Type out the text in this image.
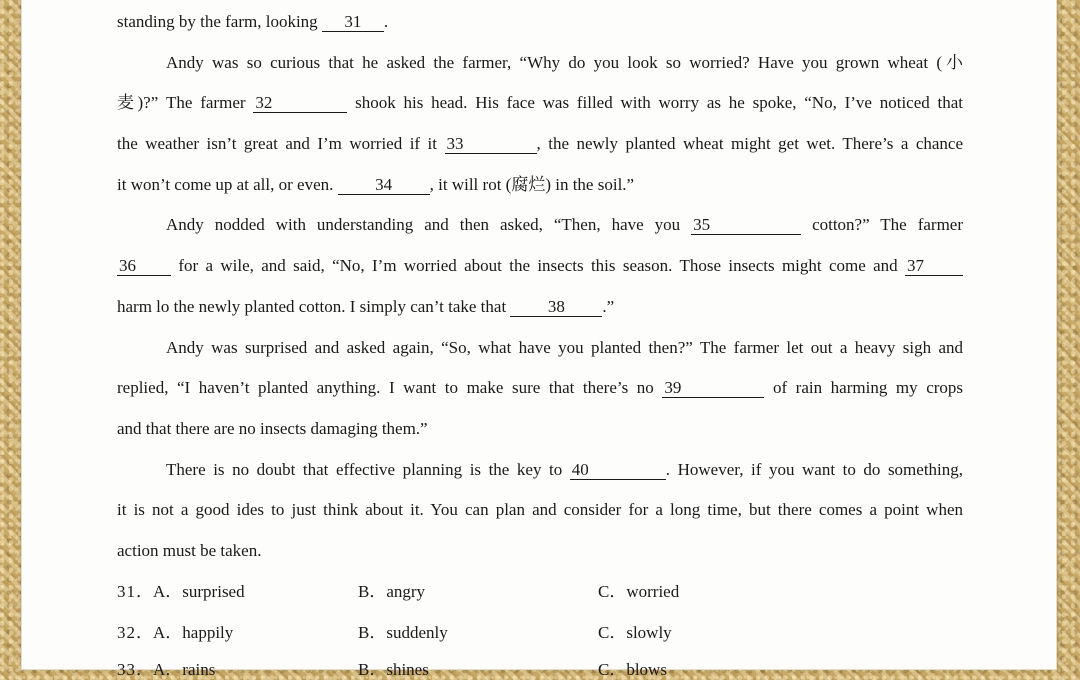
standing by the farm, looking 31 .
Andy was so curious that he asked the farmer, “Why do you look so worried? Have you grown wheat (小
麦)?” The farmer 32	shook his head. His face was filled with worry as he spoke, “No, I’ve noticed that
the weather isn’t great and I’m worried if it 33	, the newly planted wheat might get wet. There’s a chance
it won’t come up at all, or even. 34 , it will rot (腐烂) in the soil.”
Andy nodded with understanding and then asked, “Then, have you 35	cotton?” The farmer
36 for a wile, and said, “No, I’m worried about the insects this season. Those insects might come and 37
harm lo the newly planted cotton. I simply can’t take that 38 .”
Andy was surprised and asked again, “So, what have you planted then?” The farmer let out a heavy sigh and
replied, “I haven’t planted anything. I want to make sure that there’s no 39	of rain harming my crops
and that there are no insects damaging them.”
There is no doubt that effective planning is the key to 40	. However, if you want to do something,
it is not a good ides to just think about it. You can plan and consider for a long time, but there comes a point when
action must be taken.
31． A．surprised	B．angry	C．worried
32． A．happily	B．suddenly	C．slowly
33． A．rains	B．shines	C．blows
